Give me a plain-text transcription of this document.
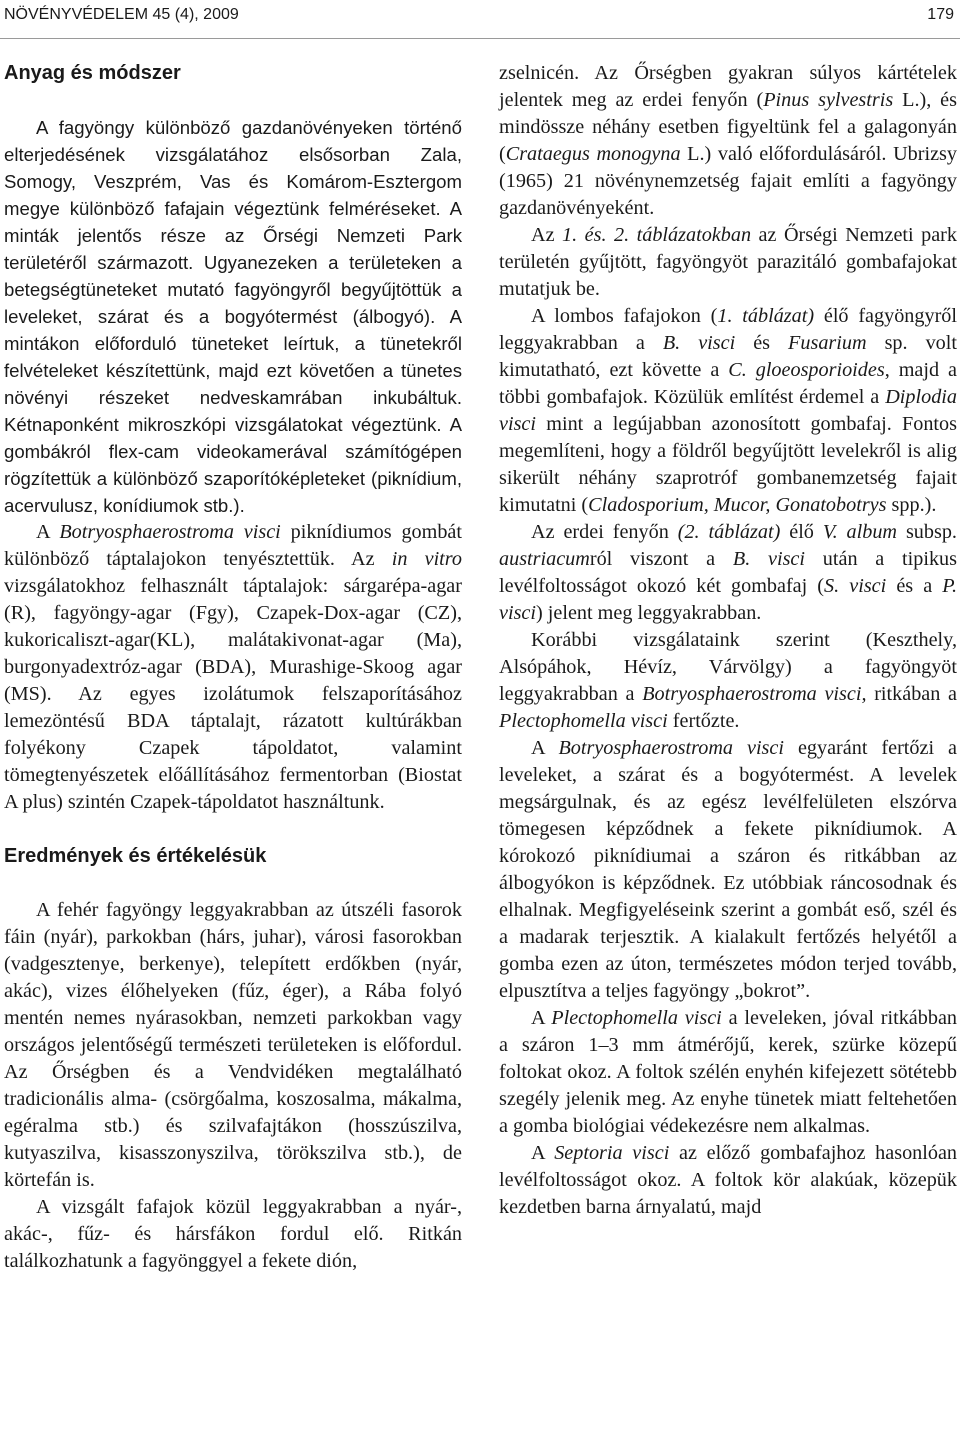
NÖVÉNYVÉDELEM 45 (4), 2009	179
Anyag és módszer

A fagyöngy különböző gazdanövényeken történő elterjedésének vizsgálatához elsősorban Zala, Somogy, Veszprém, Vas és Komárom-Esztergom megye különböző fafajain végeztünk felméréseket. A minták jelentős része az Őrségi Nemzeti Park területéről származott. Ugyanezeken a területeken a betegségtüneteket mutató fagyöngyről begyűjtöttük a leveleket, szárat és a bogyótermést (álbogyó). A mintákon előforduló tüneteket leírtuk, a tünetekről felvételeket készítettünk, majd ezt követően a tünetes növényi részeket nedveskamrában inkubáltuk. Kétnaponként mikroszkópi vizsgálatokat végeztünk. A gombákról flex-cam videokamerával számítógépen rögzítettük a különböző szaporítóképleteket (piknídium, acervulusz, konídiumok stb.).

A Botryosphaerostroma visci piknídiumos gombát különböző táptalajokon tenyésztettük. Az in vitro vizsgálatokhoz felhasznált táptalajok: sárgarépa-agar (R), fagyöngy-agar (Fgy), Czapek-Dox-agar (CZ), kukoricaliszt-agar(KL), malátakivonat-agar (Ma), burgonyadextróz-agar (BDA), Murashige-Skoog agar (MS). Az egyes izolátumok felszaporításához lemezöntésű BDA táptalajt, rázatott kultúrákban folyékony Czapek tápoldatot, valamint tömegtenyészetek előállításához fermentorban (Biostat A plus) szintén Czapek-tápoldatot használtunk.

Eredmények és értékelésük

A fehér fagyöngy leggyakrabban az útszéli fasorok fáin (nyár), parkokban (hárs, juhar), városi fasorokban (vadgesztenye, berkenye), telepített erdőkben (nyár, akác), vizes élőhelyeken (fűz, éger), a Rába folyó mentén nemes nyárasokban, nemzeti parkokban vagy országos jelentőségű természeti területeken is előfordul. Az Őrségben és a Vendvidéken megtalálható tradicionális alma- (csörgőalma, koszosalma, mákalma, egéralma stb.) és szilvafajtákon (hosszúszilva, kutyaszilva, kisasszonyszilva, törökszilva stb.), de körtefán is.

A vizsgált fafajok közül leggyakrabban a nyár-, akác-, fűz- és hársfákon fordul elő. Ritkán találkozhatunk a fagyönggyel a fekete dión,

zselnicén. Az Őrségben gyakran súlyos kártételek jelentek meg az erdei fenyőn (Pinus sylvestris L.), és mindössze néhány esetben figyeltünk fel a galagonyán (Crataegus monogyna L.) való előfordulásáról. Ubrizsy (1965) 21 növénynemzetség fajait említi a fagyöngy gazdanövényeként.

Az 1. és. 2. táblázatokban az Őrségi Nemzeti park területén gyűjtött, fagyöngyöt parazitáló gombafajokat mutatjuk be.

A lombos fafajokon (1. táblázat) élő fagyöngyről leggyakrabban a B. visci és Fusarium sp. volt kimutatható, ezt követte a C. gloeosporioides, majd a többi gombafajok. Közülük említést érdemel a Diplodia visci mint a legújabban azonosított gombafaj. Fontos megemlíteni, hogy a földről begyűjtött levelekről is alig sikerült néhány szaprotróf gombanemzetség fajait kimutatni (Cladosporium, Mucor, Gonatobotrys spp.).

Az erdei fenyőn (2. táblázat) élő V. album subsp. austriacumról viszont a B. visci után a tipikus levélfoltosságot okozó két gombafaj (S. visci és a P. visci) jelent meg leggyakrabban.

Korábbi vizsgálataink szerint (Keszthely, Alsópáhok, Hévíz, Várvölgy) a fagyöngyöt leggyakrabban a Botryosphaerostroma visci, ritkában a Plectophomella visci fertőzte.

A Botryosphaerostroma visci egyaránt fertőzi a leveleket, a szárat és a bogyótermést. A levelek megsárgulnak, és az egész levélfelületen elszórva tömegesen képződnek a fekete piknídiumok. A kórokozó piknídiumai a száron és ritkábban az álbogyókon is képződnek. Ez utóbbiak ráncosodnak és elhalnak. Megfigyeléseink szerint a gombát eső, szél és a madarak terjesztik. A kialakult fertőzés helyétől a gomba ezen az úton, természetes módon terjed tovább, elpusztítva a teljes fagyöngy „bokrot”.

A Plectophomella visci a leveleken, jóval ritkábban a száron 1–3 mm átmérőjű, kerek, szürke közepű foltokat okoz. A foltok szélén enyhén kifejezett sötétebb szegély jelenik meg. Az enyhe tünetek miatt feltehetően a gomba biológiai védekezésre nem alkalmas.

A Septoria visci az előző gombafajhoz hasonlóan levélfoltosságot okoz. A foltok kör alakúak, közepük kezdetben barna árnyalatú, majd
